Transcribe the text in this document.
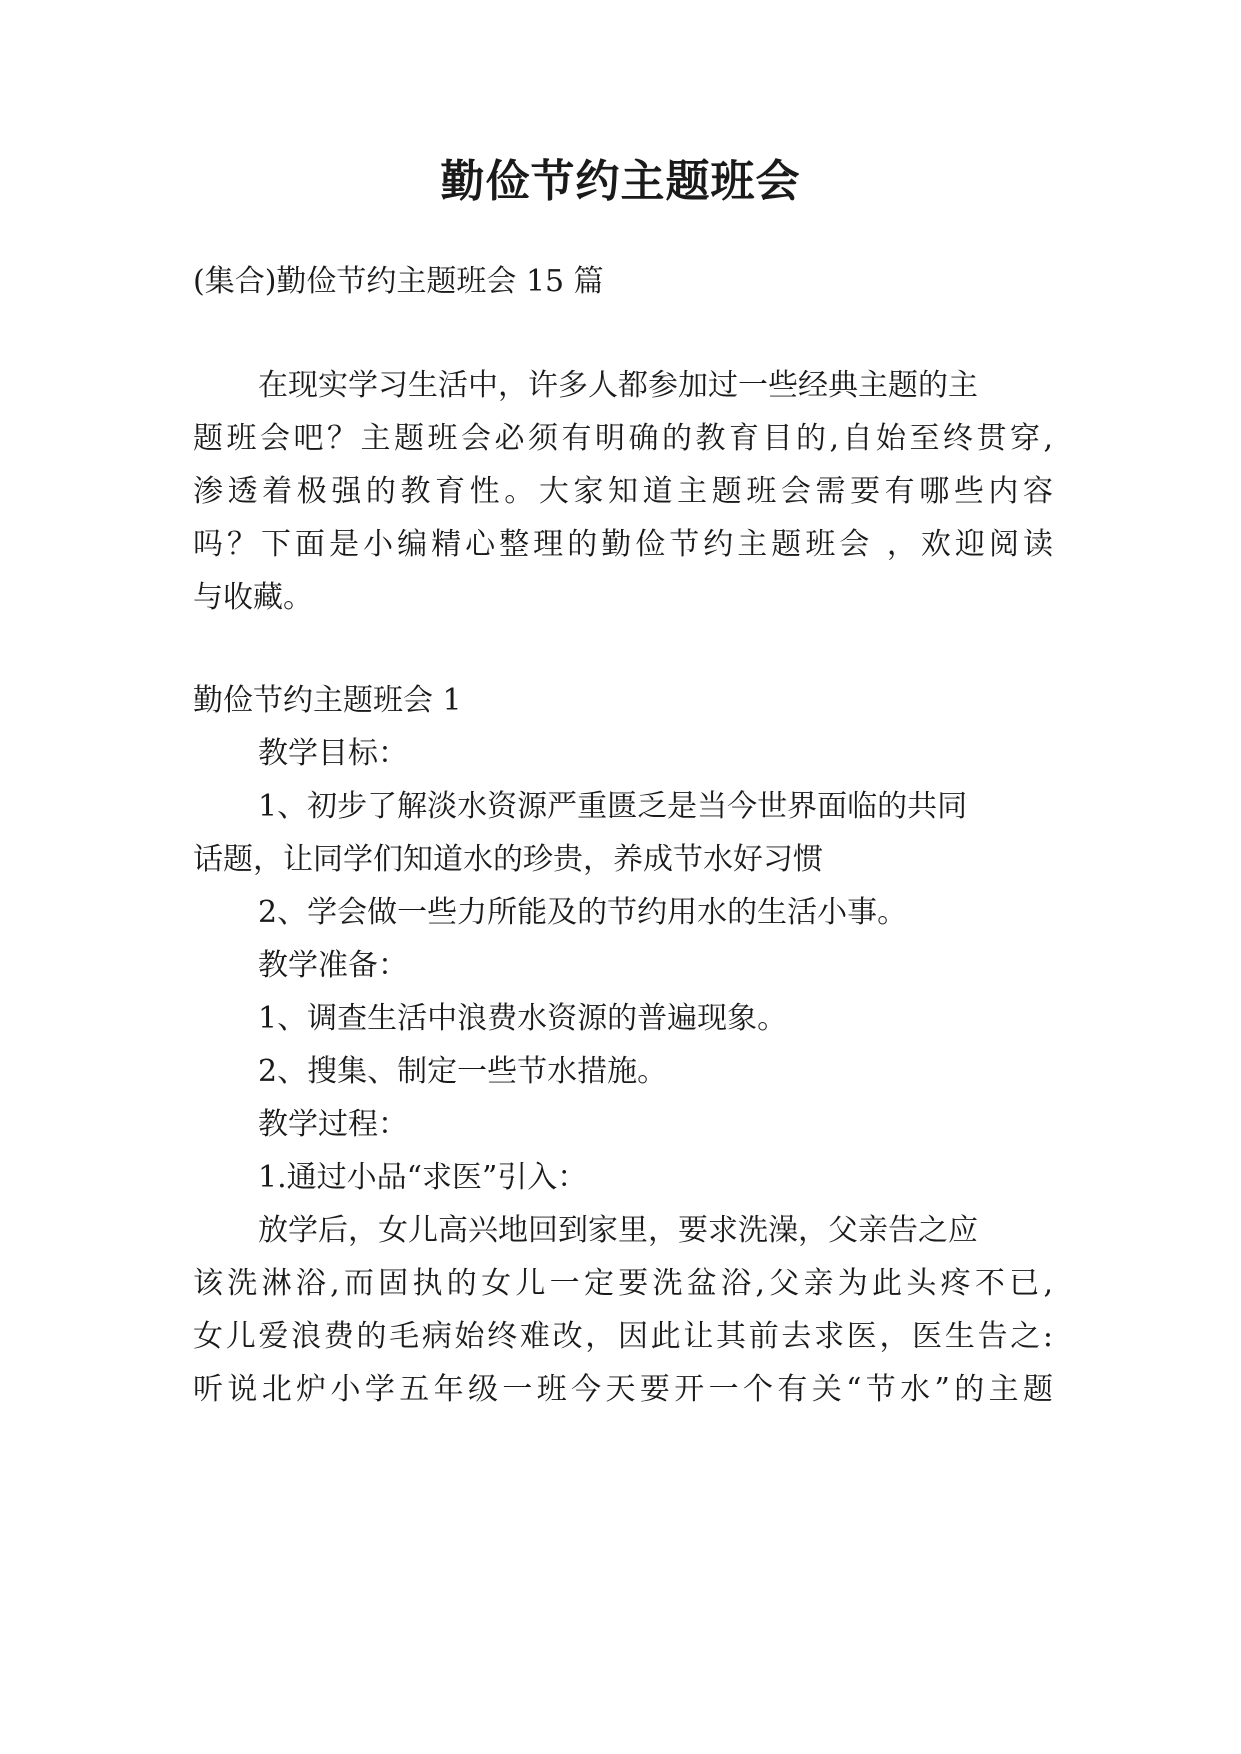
勤俭节约主题班会

(集合)勤俭节约主题班会 15 篇

在现实学习生活中，许多人都参加过一些经典主题的主

题班会吧？主题班会必须有明确的教育目的,自始至终贯穿,

渗透着极强的教育性。大家知道主题班会需要有哪些内容

吗？下面是小编精心整理的勤俭节约主题班会 ，欢迎阅读

与收藏。

勤俭节约主题班会 1

教学目标：

1、初步了解淡水资源严重匮乏是当今世界面临的共同

话题，让同学们知道水的珍贵，养成节水好习惯

2、学会做一些力所能及的节约用水的生活小事。

教学准备：

1、调查生活中浪费水资源的普遍现象。

2、搜集、制定一些节水措施。

教学过程：

1.通过小品“求医”引入：

放学后，女儿高兴地回到家里，要求洗澡，父亲告之应

该洗淋浴,而固执的女儿一定要洗盆浴,父亲为此头疼不已,

女儿爱浪费的毛病始终难改，因此让其前去求医，医生告之:

听说北炉小学五年级一班今天要开一个有关“节水”的主题
